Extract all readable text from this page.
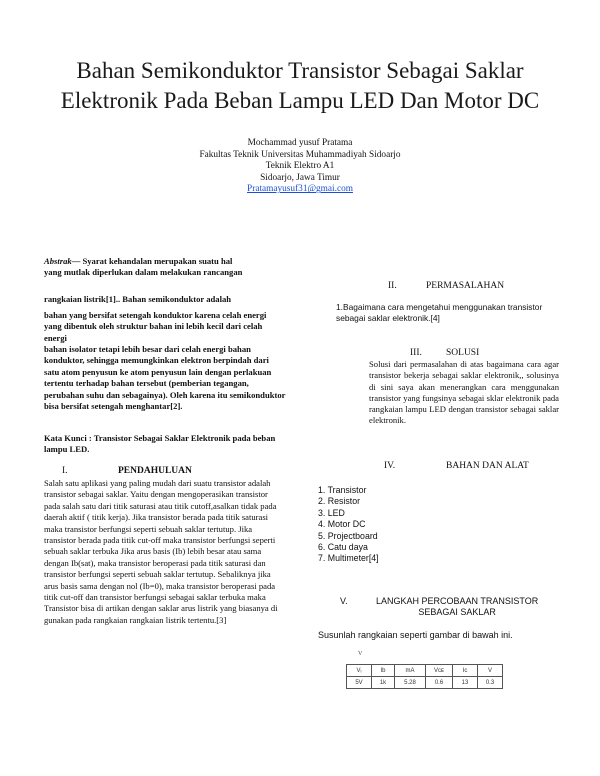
Bahan Semikonduktor Transistor Sebagai Saklar
Elektronik Pada Beban Lampu LED Dan Motor DC
Mochammad yusuf Pratama
Fakultas Teknik Universitas Muhammadiyah Sidoarjo
Teknik Elektro A1
Sidoarjo, Jawa Timur
Pratamayusuf31@gmai.com

Abstrak— Syarat kehandalan merupakan suatu hal

yang mutlak diperlukan dalam melakukan rancangan

rangkaian listrik[1].. Bahan semikonduktor adalah
bahan yang bersifat setengah konduktor karena celah energi yang dibentuk oleh struktur bahan ini lebih kecil dari celah energi
bahan isolator tetapi lebih besar dari celah energi bahan konduktor, sehingga memungkinkan elektron berpindah dari satu atom penyusun ke atom penyusun lain dengan perlakuan tertentu terhadap bahan tersebut (pemberian tegangan, perubahan suhu dan sebagainya). Oleh karena itu semikonduktor bisa bersifat setengah menghantar[2].
Kata Kunci : Transistor Sebagai Saklar Elektronik pada beban lampu LED.
I.	PENDAHULUAN
Salah satu aplikasi yang paling mudah dari suatu transistor adalah transistor sebagai saklar. Yaitu dengan mengoperasikan transistor pada salah satu dari titik saturasi atau titik cutoff,asalkan tidak pada daerah aktif ( titik kerja). Jika transistor berada pada titik saturasi maka transistor berfungsi seperti sebuah saklar tertutup. Jika transistor berada pada titik cut-off maka transistor berfungsi seperti sebuah saklar terbuka Jika arus basis (Ib) lebih besar atau sama dengan Ib(sat), maka transistor beroperasi pada titik saturasi dan transistor berfungsi seperti sebuah saklar tertutup. Sebaliknya jika arus basis sama dengan nol (Ib=0), maka transistor beroperasi pada titik cut-off dan transistor berfungsi sebagai saklar terbuka maka Transistor bisa di artikan dengan saklar arus listrik yang biasanya di gunakan pada rangkaian rangkaian listrik tertentu.[3]
II.	PERMASALAHAN
1.Bagaimana cara mengetahui menggunakan transistor sebagai saklar elektronik.[4]
III.	SOLUSI
Solusi dari permasalahan di atas bagaimana cara agar transistor bekerja sebagai saklar elektronik,, solusinya di sini saya akan menerangkan cara menggunakan transistor yang fungsinya sebagai sklar elektronik pada rangkaian lampu LED dengan transistor sebagai saklar elektronik.
IV.	BAHAN DAN ALAT
1. Transistor
2. Resistor
3. LED
4. Motor DC
5. Projectboard
6. Catu daya
7. Multimeter[4]
V.	LANGKAH PERCOBAAN TRANSISTOR
SEBAGAI SAKLAR
Susunlah rangkaian seperti gambar di bawah ini.
V
Vᵢ	Ib	mA	Vᴄᴇ	Ic	V
5V	1k	5.28	0.6	13	0.3
